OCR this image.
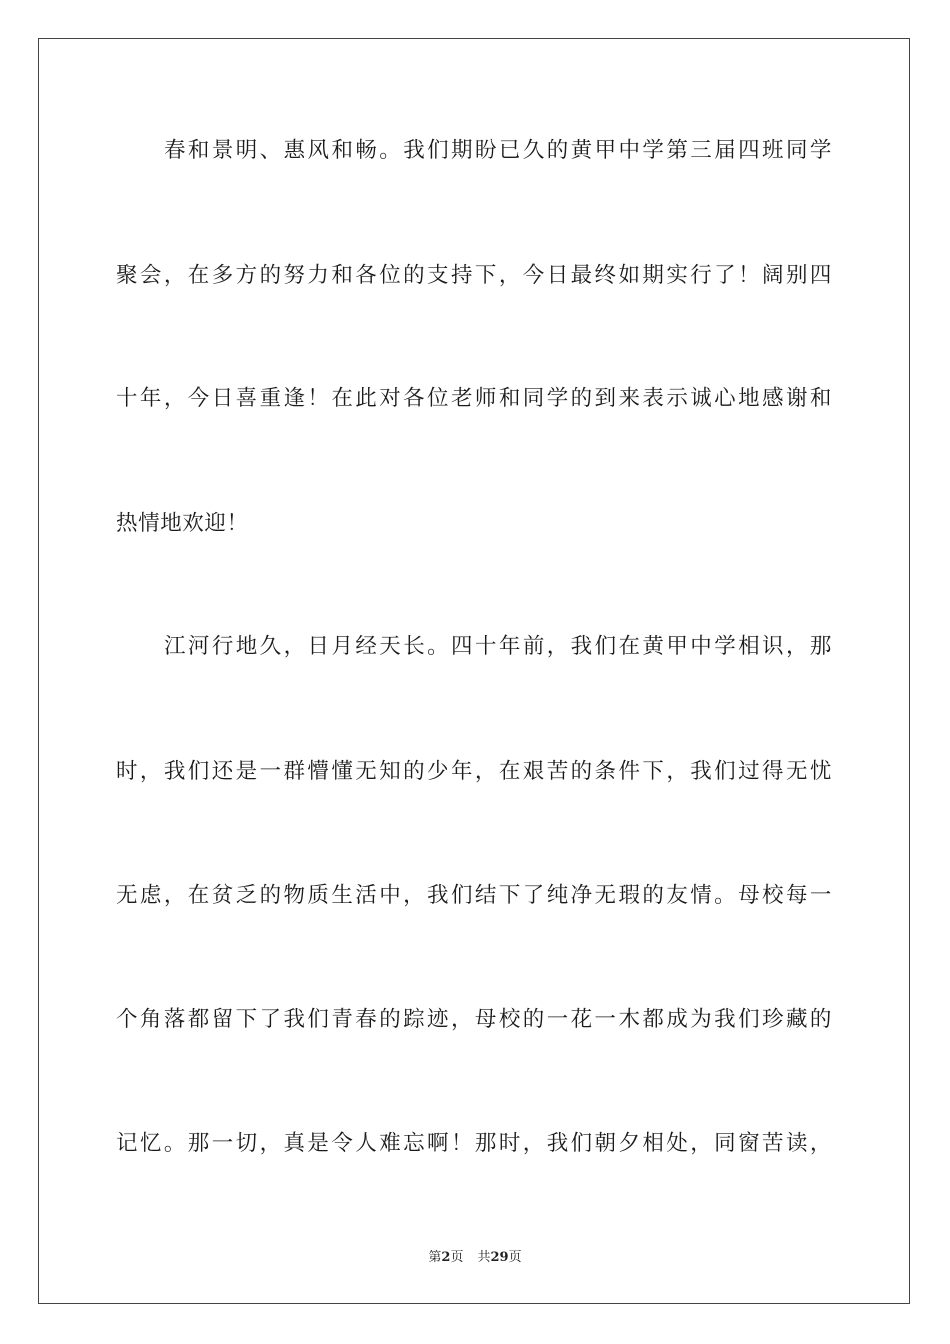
春和景明、惠风和畅。我们期盼已久的黄甲中学第三届四班同学
聚会，在多方的努力和各位的支持下，今日最终如期实行了！阔别四
十年，今日喜重逢！在此对各位老师和同学的到来表示诚心地感谢和
热情地欢迎！
江河行地久，日月经天长。四十年前，我们在黄甲中学相识，那
时，我们还是一群懵懂无知的少年，在艰苦的条件下，我们过得无忧
无虑，在贫乏的物质生活中，我们结下了纯净无瑕的友情。母校每一
个角落都留下了我们青春的踪迹，母校的一花一木都成为我们珍藏的
记忆。那一切，真是令人难忘啊！那时，我们朝夕相处，同窗苦读，
第2页 共29页
